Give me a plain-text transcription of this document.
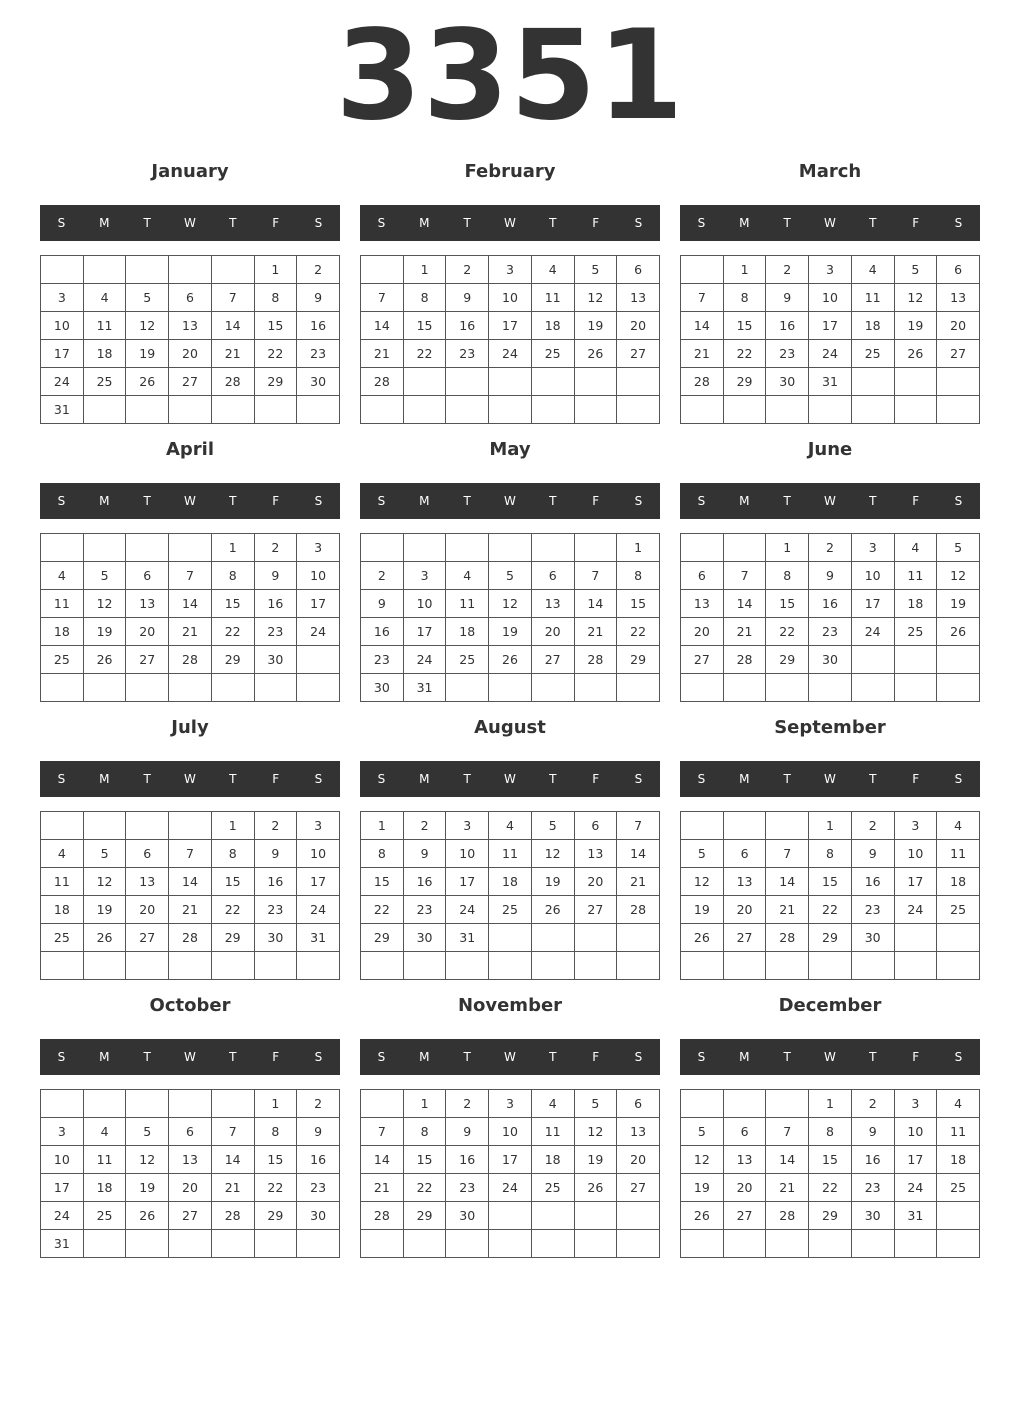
3351
January
S	M	T	W	T	F	S
					1	2
3	4	5	6	7	8	9
10	11	12	13	14	15	16
17	18	19	20	21	22	23
24	25	26	27	28	29	30
31						
February
S	M	T	W	T	F	S
	1	2	3	4	5	6
7	8	9	10	11	12	13
14	15	16	17	18	19	20
21	22	23	24	25	26	27
28						

March
S	M	T	W	T	F	S
	1	2	3	4	5	6
7	8	9	10	11	12	13
14	15	16	17	18	19	20
21	22	23	24	25	26	27
28	29	30	31			

April
S	M	T	W	T	F	S
				1	2	3
4	5	6	7	8	9	10
11	12	13	14	15	16	17
18	19	20	21	22	23	24
25	26	27	28	29	30	

May
S	M	T	W	T	F	S
						1
2	3	4	5	6	7	8
9	10	11	12	13	14	15
16	17	18	19	20	21	22
23	24	25	26	27	28	29
30	31					
June
S	M	T	W	T	F	S
		1	2	3	4	5
6	7	8	9	10	11	12
13	14	15	16	17	18	19
20	21	22	23	24	25	26
27	28	29	30			

July
S	M	T	W	T	F	S
				1	2	3
4	5	6	7	8	9	10
11	12	13	14	15	16	17
18	19	20	21	22	23	24
25	26	27	28	29	30	31

August
S	M	T	W	T	F	S
1	2	3	4	5	6	7
8	9	10	11	12	13	14
15	16	17	18	19	20	21
22	23	24	25	26	27	28
29	30	31				

September
S	M	T	W	T	F	S
			1	2	3	4
5	6	7	8	9	10	11
12	13	14	15	16	17	18
19	20	21	22	23	24	25
26	27	28	29	30		

October
S	M	T	W	T	F	S
					1	2
3	4	5	6	7	8	9
10	11	12	13	14	15	16
17	18	19	20	21	22	23
24	25	26	27	28	29	30
31						
November
S	M	T	W	T	F	S
	1	2	3	4	5	6
7	8	9	10	11	12	13
14	15	16	17	18	19	20
21	22	23	24	25	26	27
28	29	30				

December
S	M	T	W	T	F	S
			1	2	3	4
5	6	7	8	9	10	11
12	13	14	15	16	17	18
19	20	21	22	23	24	25
26	27	28	29	30	31	
